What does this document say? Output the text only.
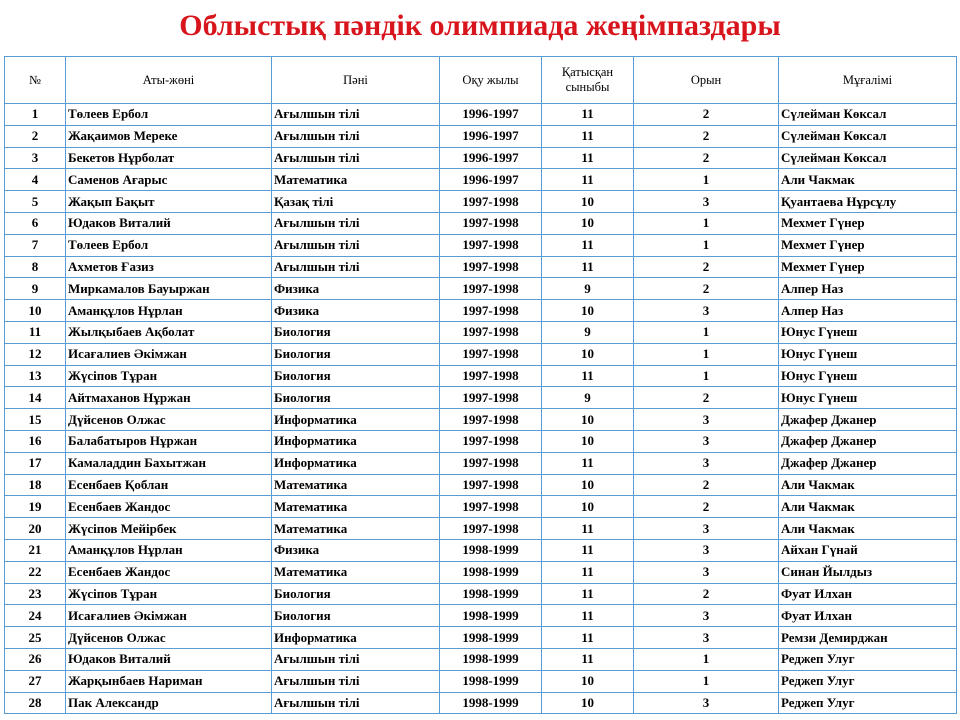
Облыстық пәндік олимпиада жеңімпаздары
№	Аты-жөні	Пәні	Оқу жылы	Қатысқан сыныбы	Орын	Мұғалімі
1	Төлеев Ербол	Ағылшын тілі	1996-1997	11	2	Сүлейман Көксал
2	Жақаимов Мереке	Ағылшын тілі	1996-1997	11	2	Сүлейман Көксал
3	Бекетов Нұрболат	Ағылшын тілі	1996-1997	11	2	Сүлейман Көксал
4	Саменов Ағарыс	Математика	1996-1997	11	1	Али Чакмак
5	Жақып Бақыт	Қазақ тілі	1997-1998	10	3	Қуантаева Нұрсұлу
6	Юдаков Виталий	Ағылшын тілі	1997-1998	10	1	Мехмет Гүнер
7	Төлеев Ербол	Ағылшын тілі	1997-1998	11	1	Мехмет Гүнер
8	Ахметов Ғазиз	Ағылшын тілі	1997-1998	11	2	Мехмет Гүнер
9	Миркамалов Бауыржан	Физика	1997-1998	9	2	Алпер Наз
10	Аманқұлов Нұрлан	Физика	1997-1998	10	3	Алпер Наз
11	Жылқыбаев Ақболат	Биология	1997-1998	9	1	Юнус Гүнеш
12	Исағалиев Әкімжан	Биология	1997-1998	10	1	Юнус Гүнеш
13	Жүсіпов Тұран	Биология	1997-1998	11	1	Юнус Гүнеш
14	Айтмаханов Нұржан	Биология	1997-1998	9	2	Юнус Гүнеш
15	Дүйсенов Олжас	Информатика	1997-1998	10	3	Джафер Джанер
16	Балабатыров Нұржан	Информатика	1997-1998	10	3	Джафер Джанер
17	Камаладдин Бахытжан	Информатика	1997-1998	11	3	Джафер Джанер
18	Есенбаев Қоблан	Математика	1997-1998	10	2	Али Чакмак
19	Есенбаев Жандос	Математика	1997-1998	10	2	Али Чакмак
20	Жүсіпов Мейірбек	Математика	1997-1998	11	3	Али Чакмак
21	Аманқұлов Нұрлан	Физика	1998-1999	11	3	Айхан Гүнай
22	Есенбаев Жандос	Математика	1998-1999	11	3	Синан Йылдыз
23	Жүсіпов Тұран	Биология	1998-1999	11	2	Фуат Илхан
24	Исағалиев Әкімжан	Биология	1998-1999	11	3	Фуат Илхан
25	Дүйсенов Олжас	Информатика	1998-1999	11	3	Ремзи Демирджан
26	Юдаков Виталий	Ағылшын тілі	1998-1999	11	1	Реджеп Улуг
27	Жарқынбаев Нариман	Ағылшын тілі	1998-1999	10	1	Реджеп Улуг
28	Пак Александр	Ағылшын тілі	1998-1999	10	3	Реджеп Улуг
